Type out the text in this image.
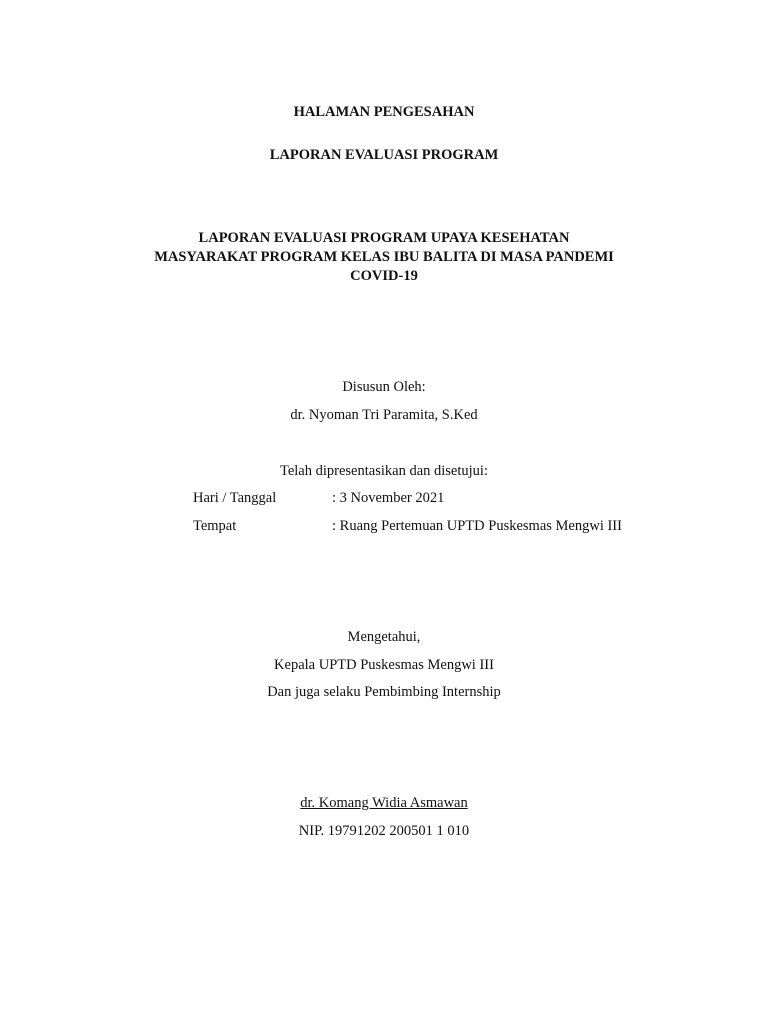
HALAMAN PENGESAHAN
LAPORAN EVALUASI PROGRAM
LAPORAN EVALUASI PROGRAM UPAYA KESEHATAN
MASYARAKAT PROGRAM KELAS IBU BALITA DI MASA PANDEMI
COVID-19
Disusun Oleh:
dr. Nyoman Tri Paramita, S.Ked
Telah dipresentasikan dan disetujui:
Hari / Tanggal	: 3 November 2021
Tempat	: Ruang Pertemuan UPTD Puskesmas Mengwi III
Mengetahui,
Kepala UPTD Puskesmas Mengwi III
Dan juga selaku Pembimbing Internship
dr. Komang Widia Asmawan
NIP. 19791202 200501 1 010
